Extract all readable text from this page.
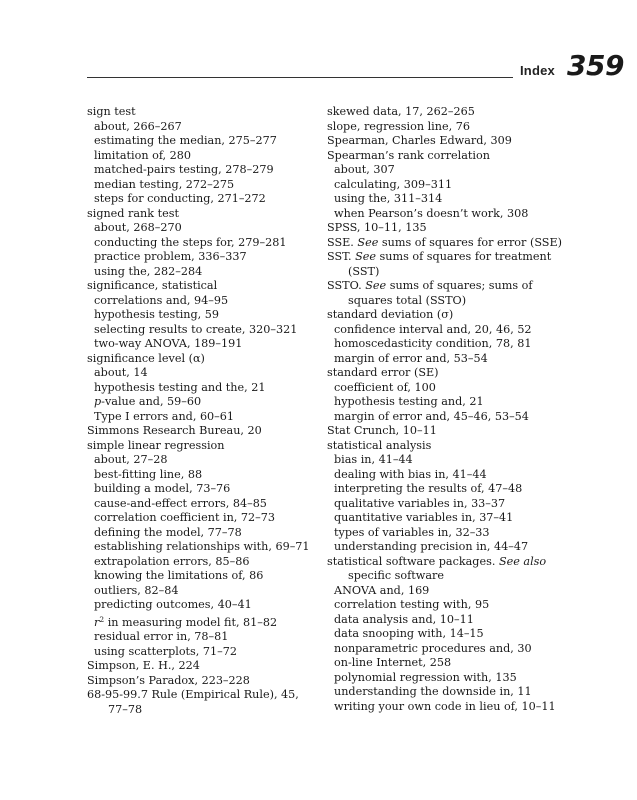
Index 359
sign test
about, 266–267
estimating the median, 275–277
limitation of, 280
matched-pairs testing, 278–279
median testing, 272–275
steps for conducting, 271–272
signed rank test
about, 268–270
conducting the steps for, 279–281
practice problem, 336–337
using the, 282–284
significance, statistical
correlations and, 94–95
hypothesis testing, 59
selecting results to create, 320–321
two-way ANOVA, 189–191
significance level (α)
about, 14
hypothesis testing and the, 21
p-value and, 59–60
Type I errors and, 60–61
Simmons Research Bureau, 20
simple linear regression
about, 27–28
best-fitting line, 88
building a model, 73–76
cause-and-effect errors, 84–85
correlation coefficient in, 72–73
defining the model, 77–78
establishing relationships with, 69–71
extrapolation errors, 85–86
knowing the limitations of, 86
outliers, 82–84
predicting outcomes, 40–41
$r^2$ in measuring model fit, 81–82
residual error in, 78–81
using scatterplots, 71–72
Simpson, E. H., 224
Simpson’s Paradox, 223–228
68-95-99.7 Rule (Empirical Rule), 45,
77–78
skewed data, 17, 262–265
slope, regression line, 76
Spearman, Charles Edward, 309
Spearman’s rank correlation
about, 307
calculating, 309–311
using the, 311–314
when Pearson’s doesn’t work, 308
SPSS, 10–11, 135
SSE. See sums of squares for error (SSE)
SST. See sums of squares for treatment
(SST)
SSTO. See sums of squares; sums of
squares total (SSTO)
standard deviation (σ)
confidence interval and, 20, 46, 52
homoscedasticity condition, 78, 81
margin of error and, 53–54
standard error (SE)
coefficient of, 100
hypothesis testing and, 21
margin of error and, 45–46, 53–54
Stat Crunch, 10–11
statistical analysis
bias in, 41–44
dealing with bias in, 41–44
interpreting the results of, 47–48
qualitative variables in, 33–37
quantitative variables in, 37–41
types of variables in, 32–33
understanding precision in, 44–47
statistical software packages. See also
specific software
ANOVA and, 169
correlation testing with, 95
data analysis and, 10–11
data snooping with, 14–15
nonparametric procedures and, 30
on-line Internet, 258
polynomial regression with, 135
understanding the downside in, 11
writing your own code in lieu of, 10–11
